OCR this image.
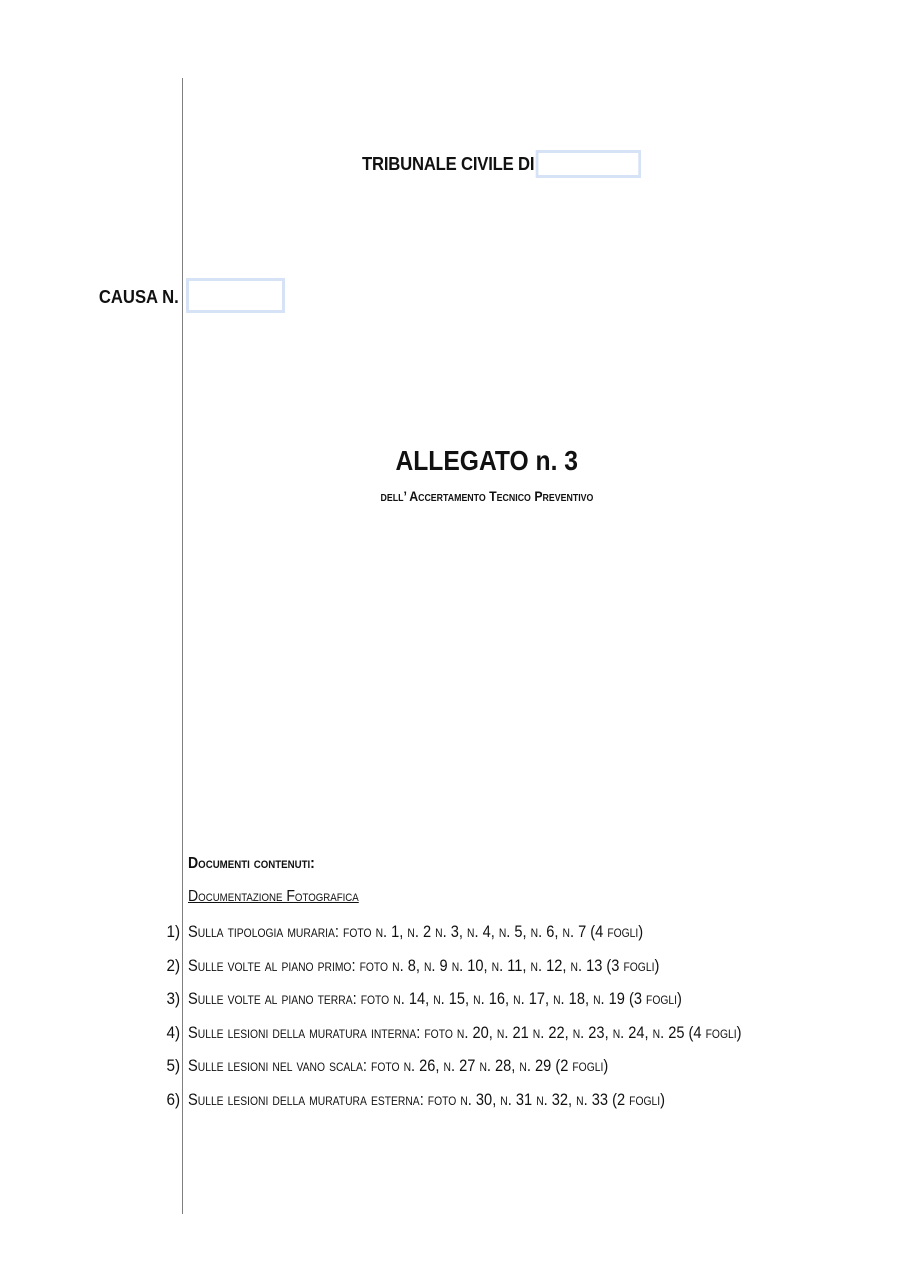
TRIBUNALE CIVILE DI
CAUSA N.
ALLEGATO n. 3
dell’ Accertamento Tecnico Preventivo
Documenti contenuti:
Documentazione Fotografica
1) Sulla tipologia muraria: foto n. 1, n. 2 n. 3, n. 4, n. 5, n. 6, n. 7 (4 fogli)
2) Sulle volte al piano primo: foto n. 8, n. 9 n. 10, n. 11, n. 12, n. 13 (3 fogli)
3) Sulle volte al piano terra: foto n. 14, n. 15, n. 16, n. 17, n. 18, n. 19 (3 fogli)
4) Sulle lesioni della muratura interna: foto n. 20, n. 21 n. 22, n. 23, n. 24, n. 25 (4 fogli)
5) Sulle lesioni nel vano scala: foto n. 26, n. 27 n. 28, n. 29 (2 fogli)
6) Sulle lesioni della muratura esterna: foto n. 30, n. 31 n. 32, n. 33 (2 fogli)
